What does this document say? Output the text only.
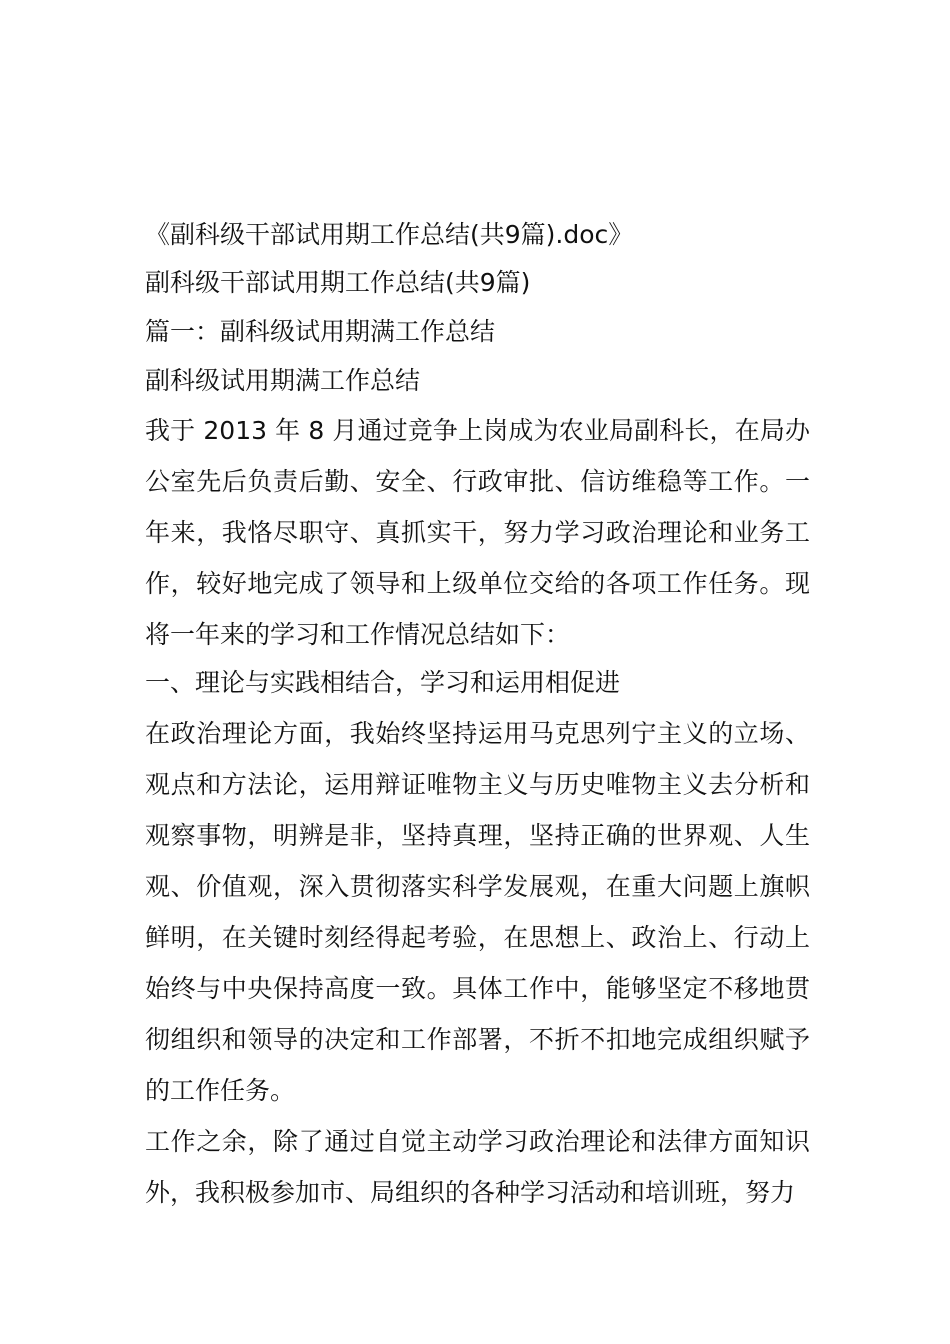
《副科级干部试用期工作总结(共9篇).doc》
副科级干部试用期工作总结(共9篇)
篇一：副科级试用期满工作总结
副科级试用期满工作总结

我于 2013 年 8 月通过竞争上岗成为农业局副科长，在局办公室先后负责后勤、安全、行政审批、信访维稳等工作。一年来，我恪尽职守、真抓实干，努力学习政治理论和业务工作，较好地完成了领导和上级单位交给的各项工作任务。现将一年来的学习和工作情况总结如下：

一、理论与实践相结合，学习和运用相促进

在政治理论方面，我始终坚持运用马克思列宁主义的立场、观点和方法论，运用辩证唯物主义与历史唯物主义去分析和观察事物，明辨是非，坚持真理，坚持正确的世界观、人生观、价值观，深入贯彻落实科学发展观，在重大问题上旗帜鲜明，在关键时刻经得起考验，在思想上、政治上、行动上始终与中央保持高度一致。具体工作中，能够坚定不移地贯彻组织和领导的决定和工作部署，不折不扣地完成组织赋予的工作任务。

工作之余，除了通过自觉主动学习政治理论和法律方面知识外，我积极参加市、局组织的各种学习活动和培训班，努力
